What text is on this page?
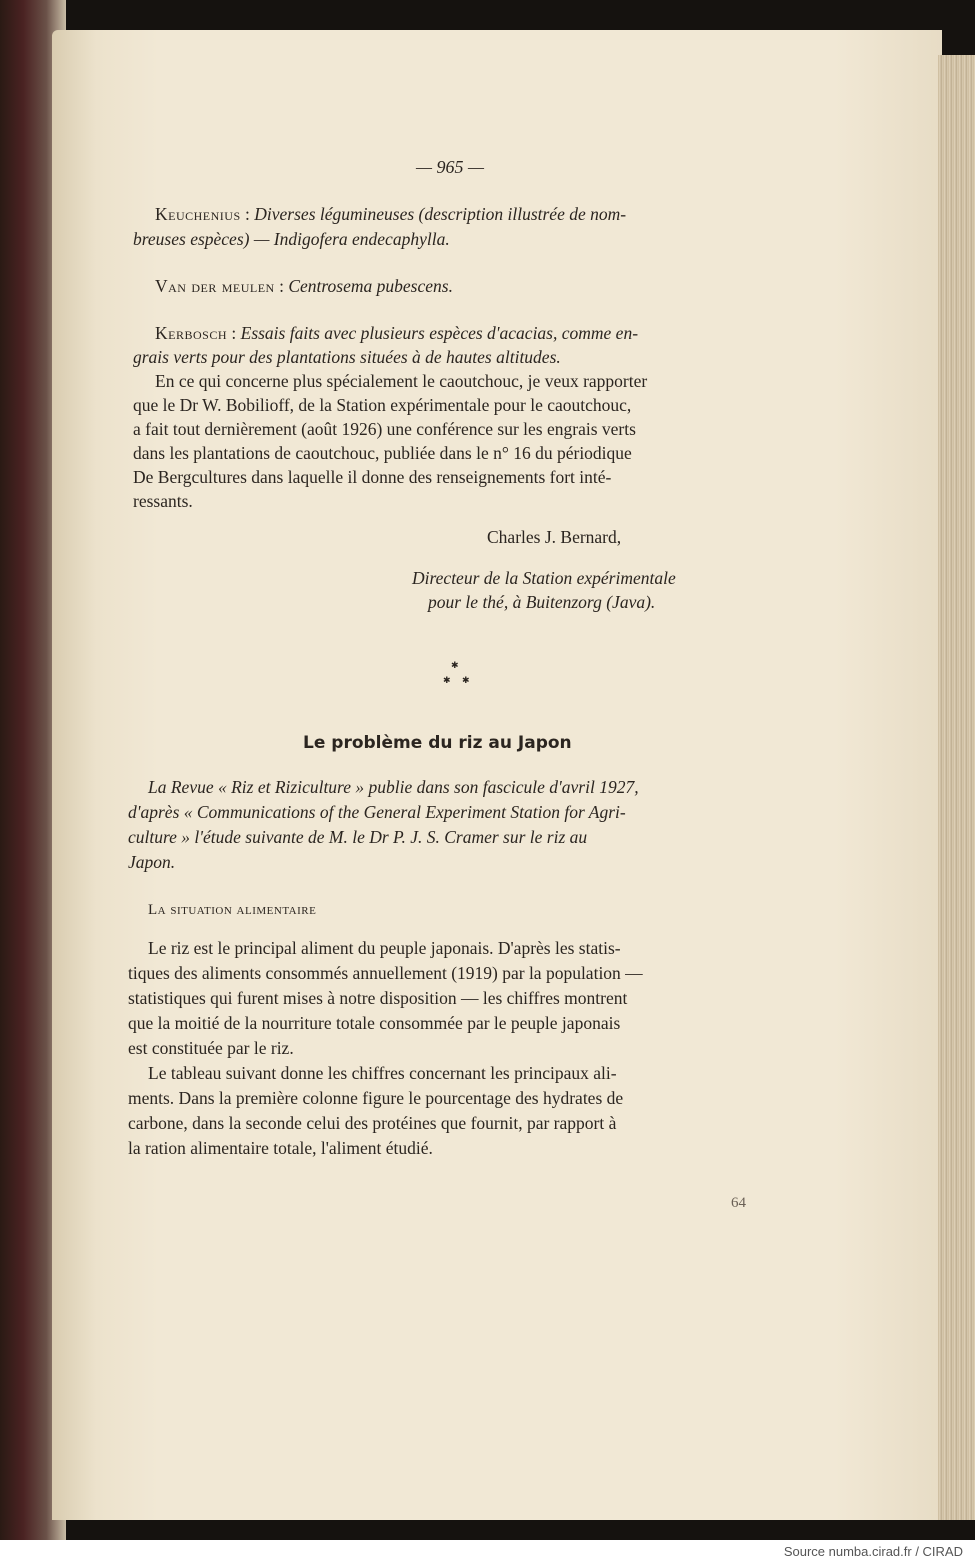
— 965 —
Keuchenius : Diverses légumineuses (description illustrée de nom-
breuses espèces) — Indigofera endecaphylla.
Van der meulen : Centrosema pubescens.
Kerbosch : Essais faits avec plusieurs espèces d'acacias, comme en-
grais verts pour des plantations situées à de hautes altitudes.
En ce qui concerne plus spécialement le caoutchouc, je veux rapporter
que le Dr W. Bobilioff, de la Station expérimentale pour le caoutchouc,
a fait tout dernièrement (août 1926) une conférence sur les engrais verts
dans les plantations de caoutchouc, publiée dans le n° 16 du périodique
De Bergcultures dans laquelle il donne des renseignements fort inté-
ressants.
Charles J. Bernard,
Directeur de la Station expérimentale
pour le thé, à Buitenzorg (Java).
✱
✱ ✱
Le problème du riz au Japon
La Revue « Riz et Riziculture » publie dans son fascicule d'avril 1927,
d'après « Communications of the General Experiment Station for Agri-
culture » l'étude suivante de M. le Dr P. J. S. Cramer sur le riz au
Japon.
La situation alimentaire
Le riz est le principal aliment du peuple japonais. D'après les statis-
tiques des aliments consommés annuellement (1919) par la population —
statistiques qui furent mises à notre disposition — les chiffres montrent
que la moitié de la nourriture totale consommée par le peuple japonais
est constituée par le riz.
Le tableau suivant donne les chiffres concernant les principaux ali-
ments. Dans la première colonne figure le pourcentage des hydrates de
carbone, dans la seconde celui des protéines que fournit, par rapport à
la ration alimentaire totale, l'aliment étudié.
64
Source numba.cirad.fr / CIRAD
